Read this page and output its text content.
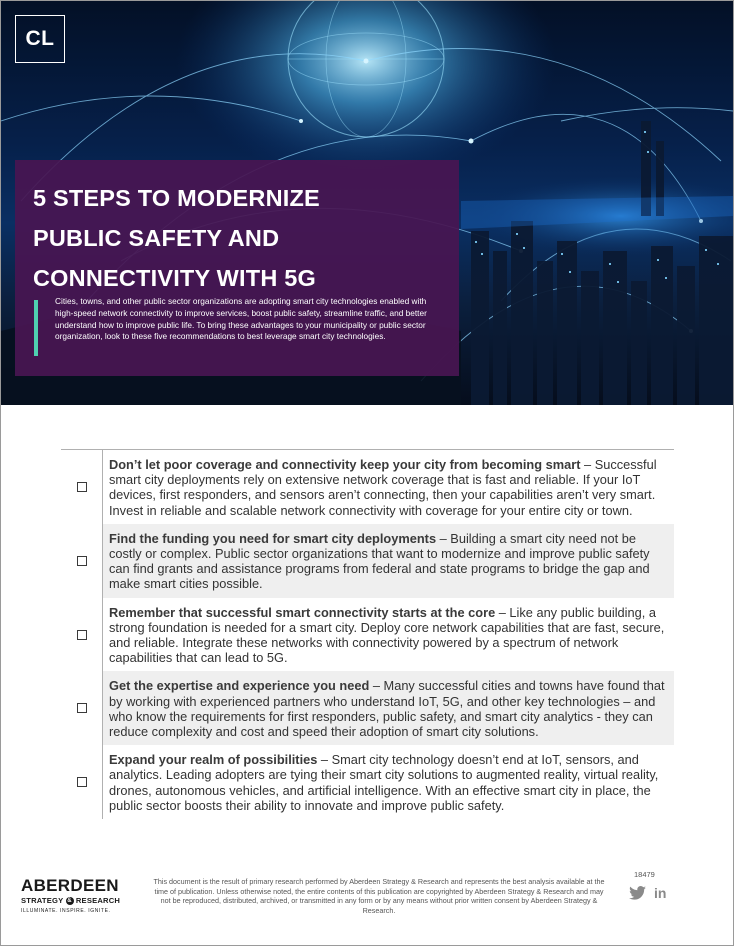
CL
5 STEPS TO MODERNIZE
PUBLIC SAFETY AND
CONNECTIVITY WITH 5G

Cities, towns, and other public sector organizations are adopting smart city technologies enabled with high-speed network connectivity to improve services, boost public safety, streamline traffic, and better understand how to improve public life. To bring these advantages to your municipality or public sector organization, look to these five recommendations to best leverage smart city technologies.

Don’t let poor coverage and connectivity keep your city from becoming smart – Successful smart city deployments rely on extensive network coverage that is fast and reliable. If your IoT devices, first responders, and sensors aren’t connecting, then your capabilities aren’t very smart. Invest in reliable and scalable network connectivity with coverage for your entire city or town.
Find the funding you need for smart city deployments – Building a smart city need not be costly or complex. Public sector organizations that want to modernize and improve public safety can find grants and assistance programs from federal and state programs to bridge the gap and make smart cities possible.
Remember that successful smart connectivity starts at the core – Like any public building, a strong foundation is needed for a smart city. Deploy core network capabilities that are fast, secure, and reliable. Integrate these networks with connectivity powered by a spectrum of network capabilities that can lead to 5G.
Get the expertise and experience you need – Many successful cities and towns have found that by working with experienced partners who understand IoT, 5G, and other key technologies – and who know the requirements for first responders, public safety, and smart city analytics - they can reduce complexity and cost and speed their adoption of smart city solutions.
Expand your realm of possibilities – Smart city technology doesn’t end at IoT, sensors, and analytics. Leading adopters are tying their smart city solutions to augmented reality, virtual reality, drones, autonomous vehicles, and artificial intelligence. With an effective smart city in place, the public sector boosts their ability to innovate and improve public safety.
ABERDEEN
STRATEGY & RESEARCH
ILLUMINATE. INSPIRE. IGNITE.

This document is the result of primary research performed by Aberdeen Strategy & Research and represents the best analysis available at the time of publication. Unless otherwise noted, the entire contents of this publication are copyrighted by Aberdeen Strategy & Research and may not be reproduced, distributed, archived, or transmitted in any form or by any means without prior written consent by Aberdeen Strategy & Research.

18479
in
